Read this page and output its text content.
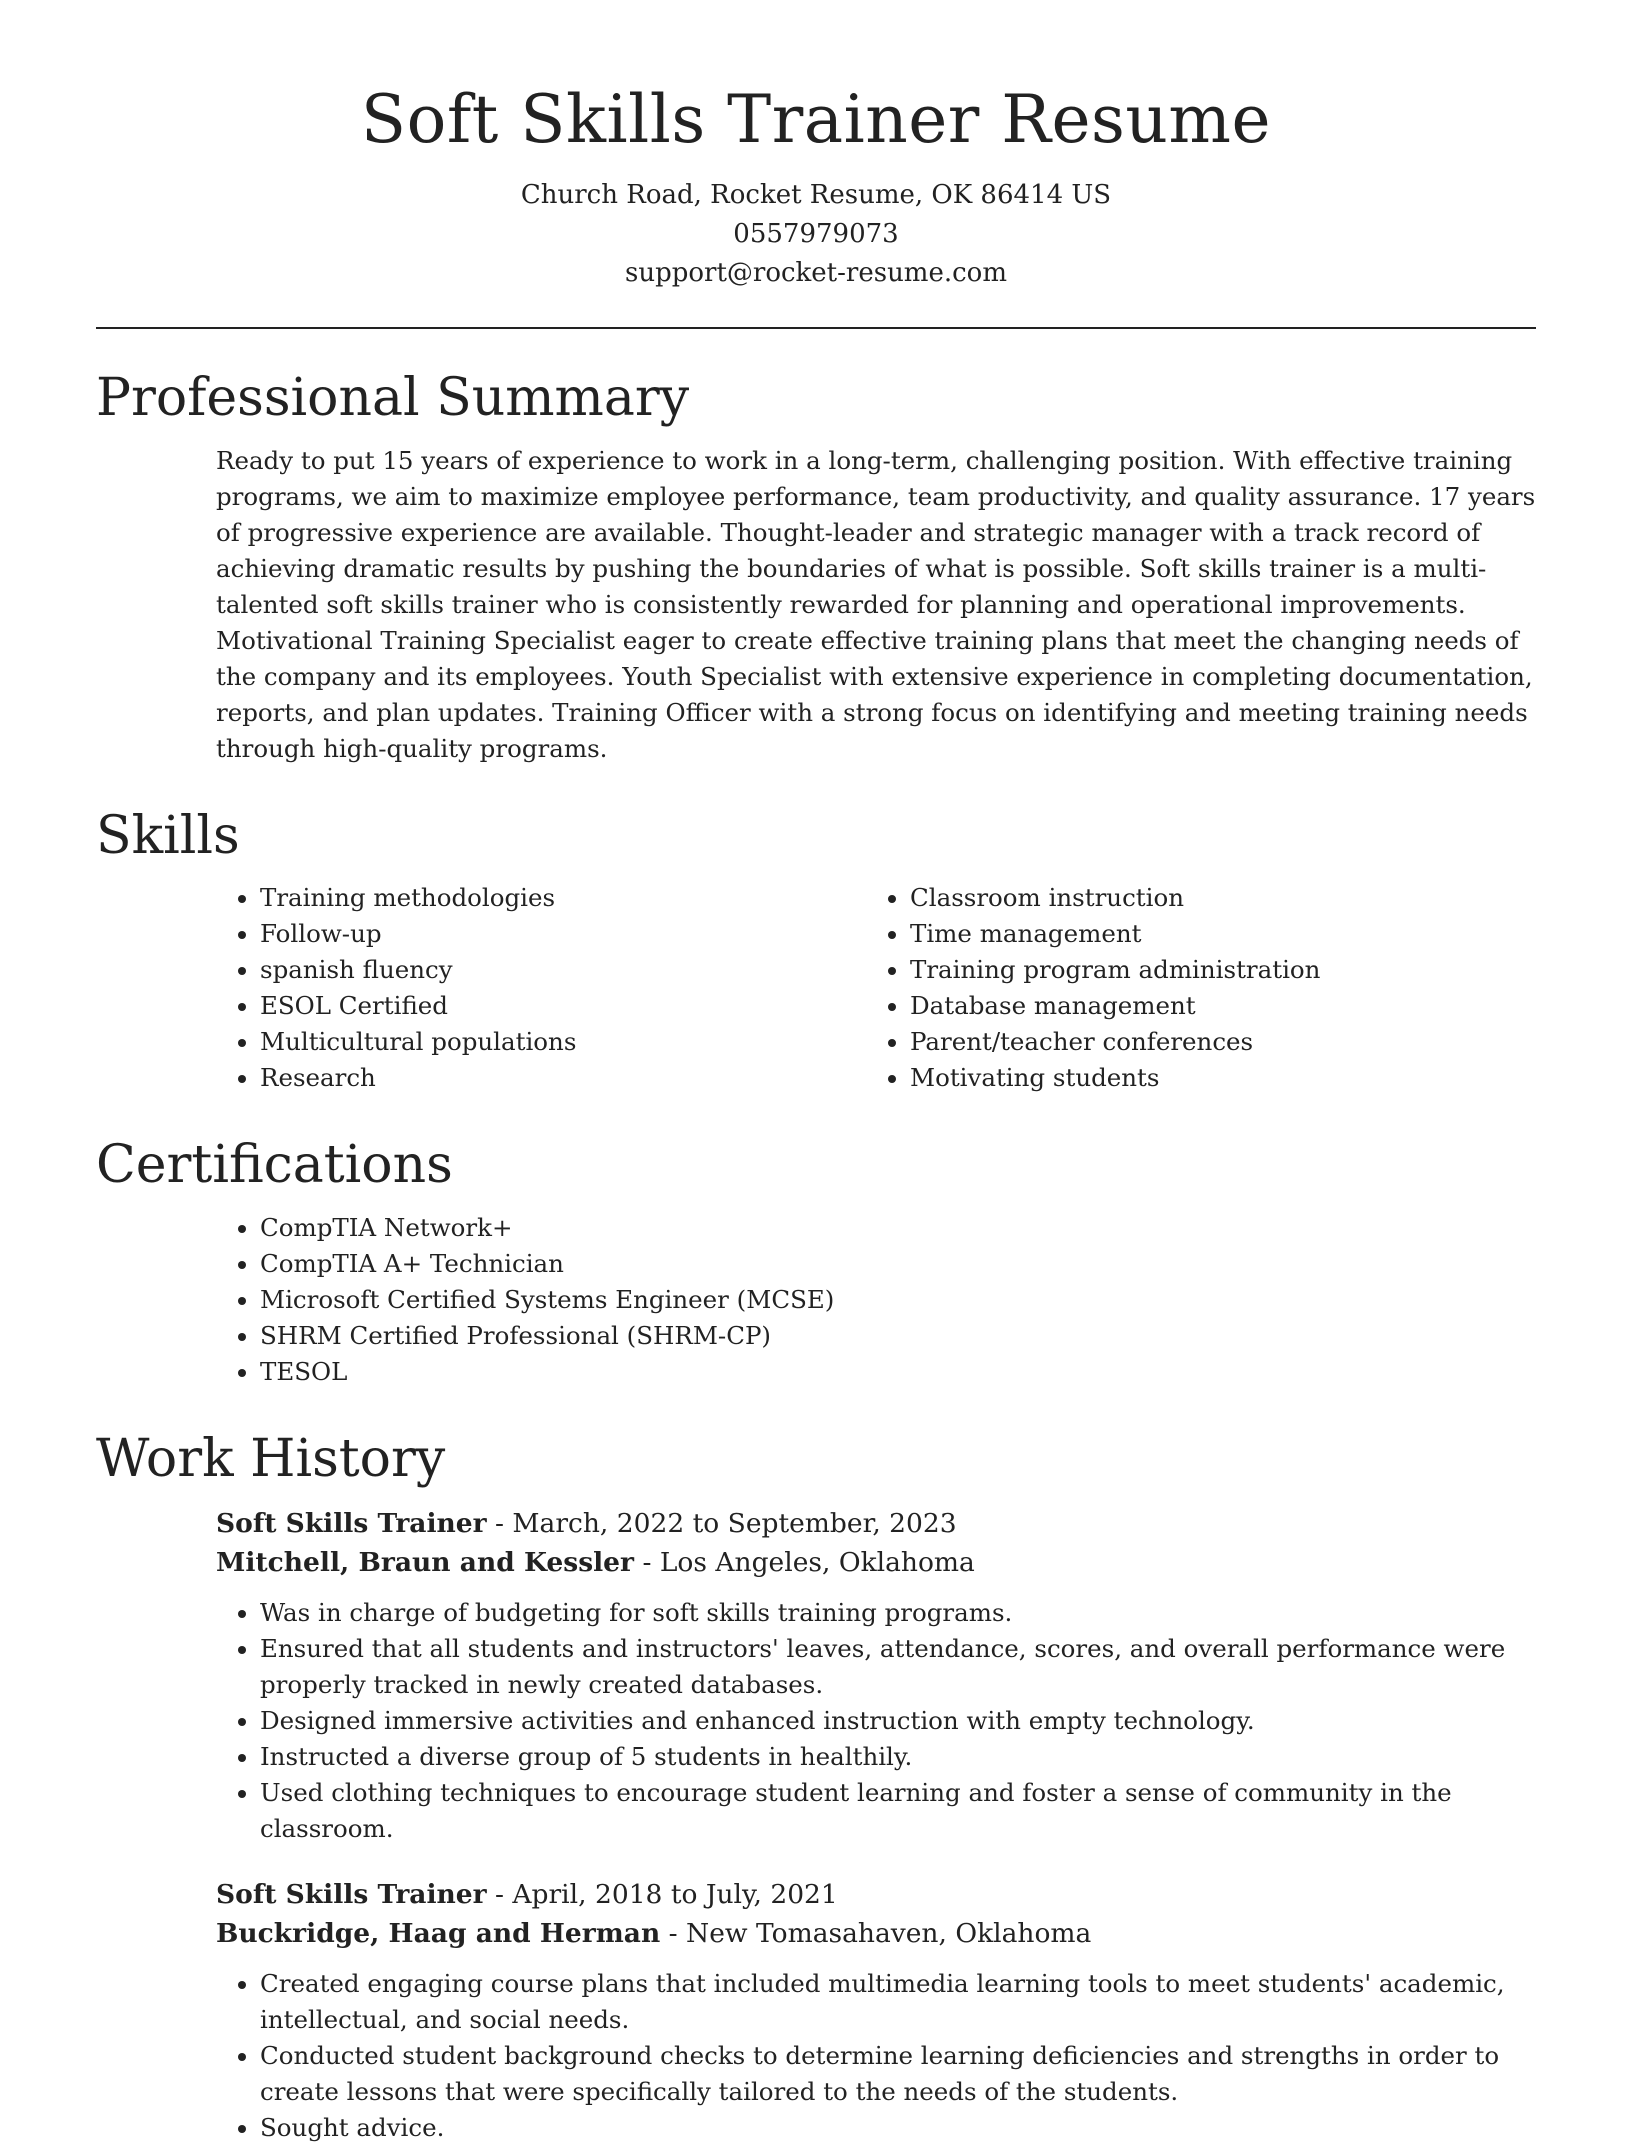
Soft Skills Trainer Resume

Church Road, Rocket Resume, OK 86414 US

0557979073

support@rocket-resume.com

Professional Summary

Ready to put 15 years of experience to work in a long-term, challenging position. With effective training programs, we aim to maximize employee performance, team productivity, and quality assurance. 17 years of progressive experience are available. Thought-leader and strategic manager with a track record of achieving dramatic results by pushing the boundaries of what is possible. Soft skills trainer is a multi-talented soft skills trainer who is consistently rewarded for planning and operational improvements. Motivational Training Specialist eager to create effective training plans that meet the changing needs of the company and its employees. Youth Specialist with extensive experience in completing documentation, reports, and plan updates. Training Officer with a strong focus on identifying and meeting training needs through high-quality programs.

Skills
• Training methodologies
• Follow-up
• spanish fluency
• ESOL Certified
• Multicultural populations
• Research
• Classroom instruction
• Time management
• Training program administration
• Database management
• Parent/teacher conferences
• Motivating students
Certifications
• CompTIA Network+
• CompTIA A+ Technician
• Microsoft Certified Systems Engineer (MCSE)
• SHRM Certified Professional (SHRM-CP)
• TESOL
Work History
Soft Skills Trainer - March, 2022 to September, 2023
Mitchell, Braun and Kessler - Los Angeles, Oklahoma
• Was in charge of budgeting for soft skills training programs.
• Ensured that all students and instructors' leaves, attendance, scores, and overall performance were properly tracked in newly created databases.
• Designed immersive activities and enhanced instruction with empty technology.
• Instructed a diverse group of 5 students in healthily.
• Used clothing techniques to encourage student learning and foster a sense of community in the classroom.
Soft Skills Trainer - April, 2018 to July, 2021
Buckridge, Haag and Herman - New Tomasahaven, Oklahoma
• Created engaging course plans that included multimedia learning tools to meet students' academic, intellectual, and social needs.
• Conducted student background checks to determine learning deficiencies and strengths in order to create lessons that were specifically tailored to the needs of the students.
• Sought advice.
